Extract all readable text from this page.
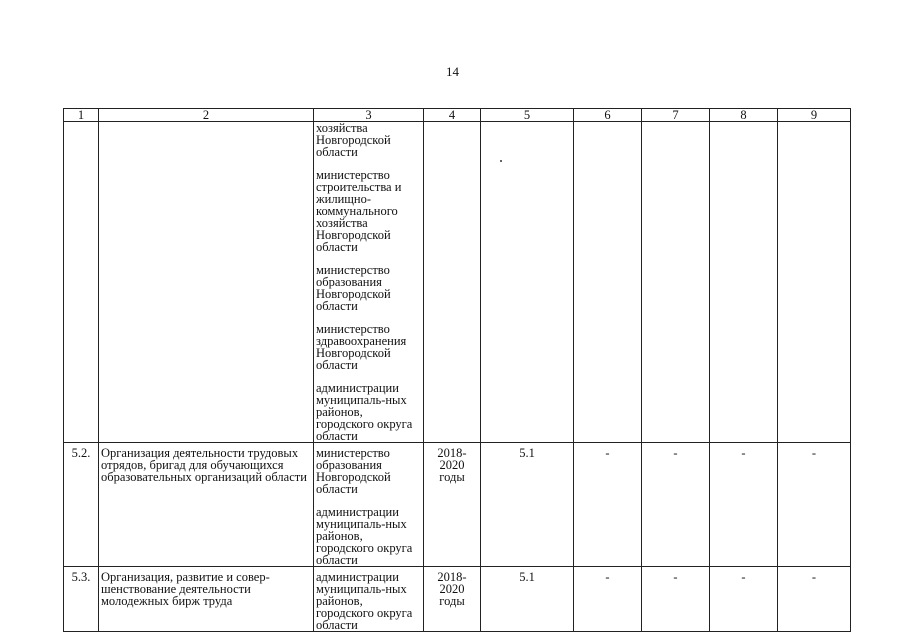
14
1	2	3	4	5	6	7	8	9

		хозяйства Новгородской области
министерство строительства и жилищно-коммунального хозяйства Новгородской области
министерство образования Новгородской области
министерство здравоохранения Новгородской области
администрации муниципаль-ных районов, городского округа области						

5.2.	Организация деятельности трудовых отрядов, бригад для обучающихся образовательных организаций области	министерство образования Новгородской области
администрации муниципаль-ных районов, городского округа области	2018-2020 годы	5.1	-	-	-	-
5.3.	Организация, развитие и совер-шенствование деятельности молодежных бирж труда	администрации муниципаль-ных районов, городского округа области	2018-2020 годы	5.1	-	-	-	-
